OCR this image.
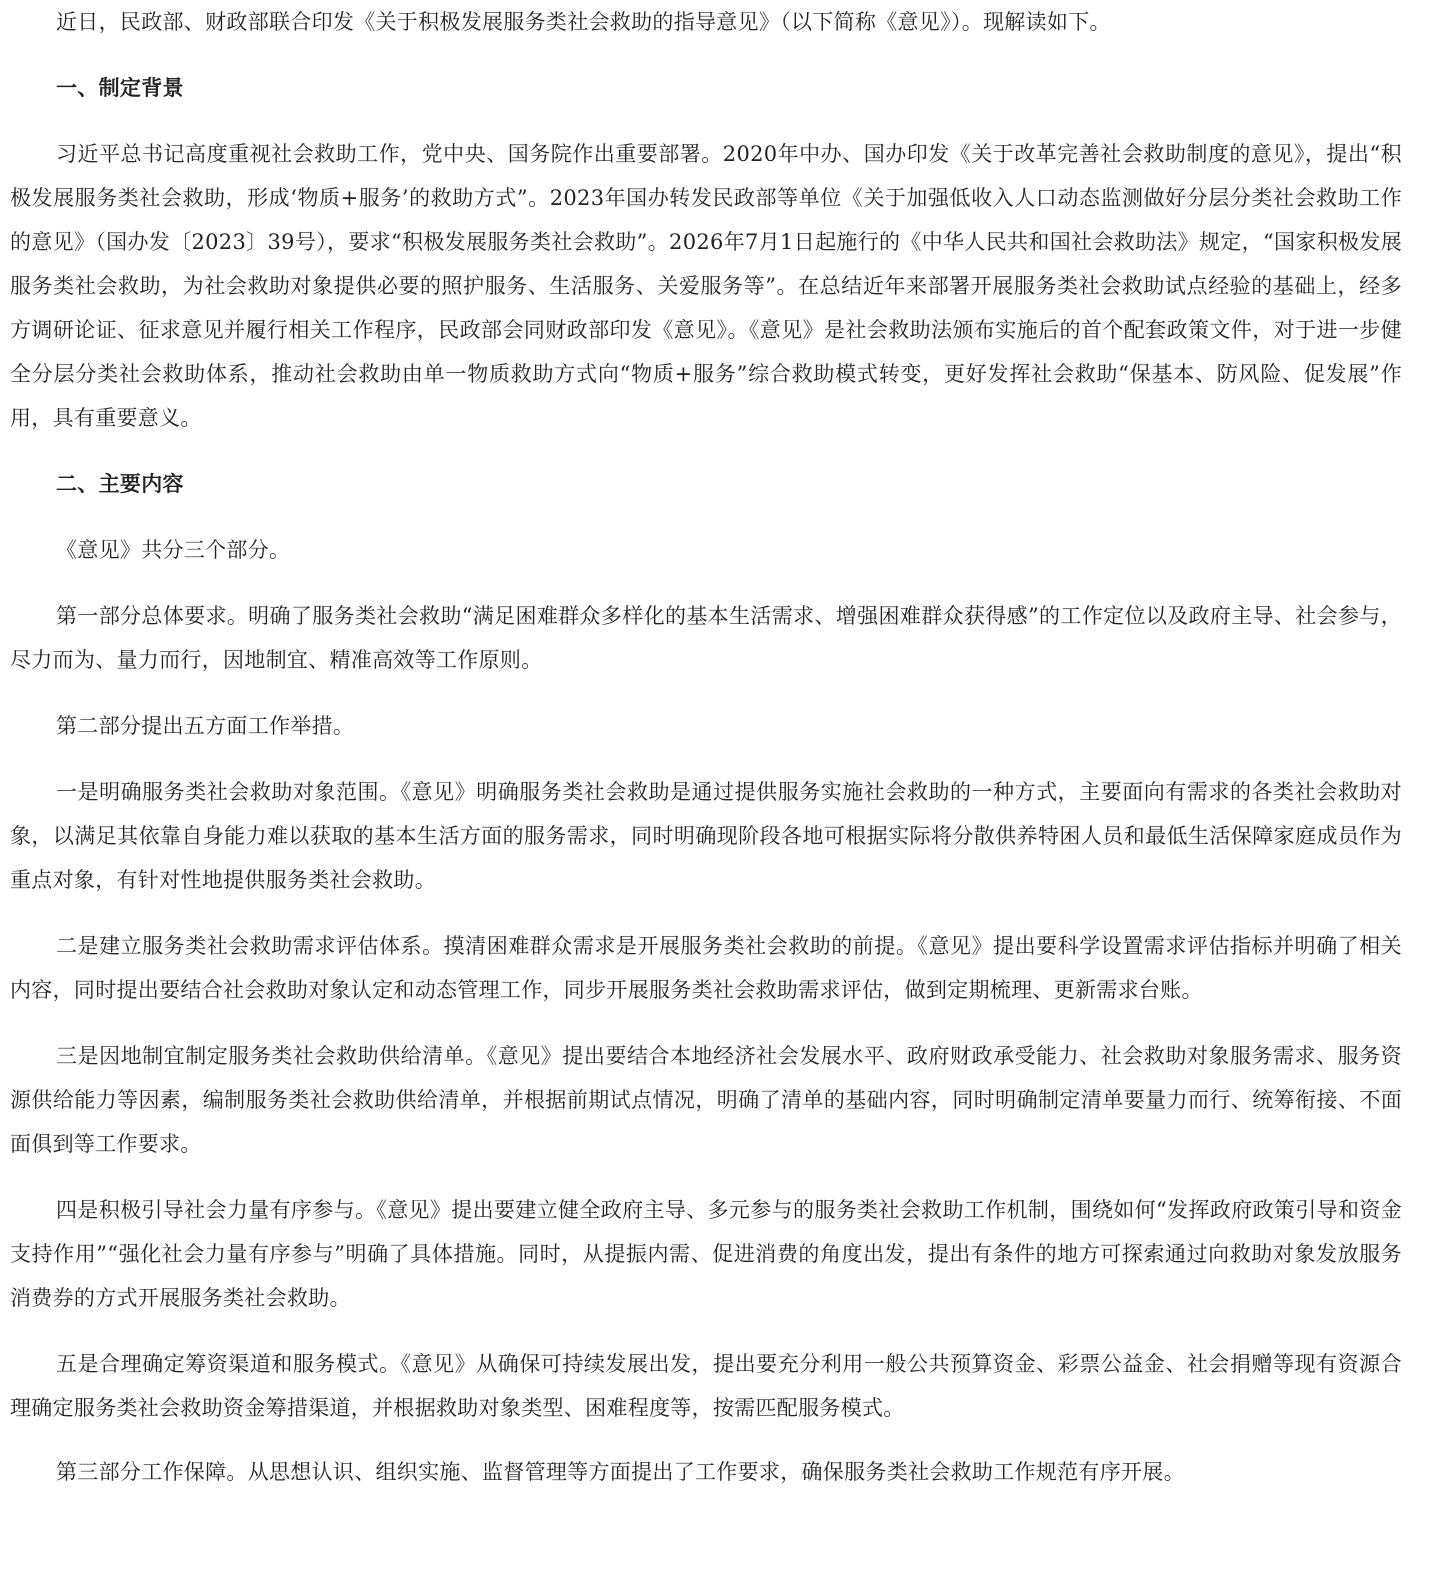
近日，民政部、财政部联合印发《关于积极发展服务类社会救助的指导意见》（以下简称《意见》）。现解读如下。

一、制定背景

习近平总书记高度重视社会救助工作，党中央、国务院作出重要部署。2020年中办、国办印发《关于改革完善社会救助制度的意见》，提出“积极发展服务类社会救助，形成‘物质+服务’的救助方式”。2023年国办转发民政部等单位《关于加强低收入人口动态监测做好分层分类社会救助工作的意见》（国办发〔2023〕39号），要求“积极发展服务类社会救助”。2026年7月1日起施行的《中华人民共和国社会救助法》规定，“国家积极发展服务类社会救助，为社会救助对象提供必要的照护服务、生活服务、关爱服务等”。在总结近年来部署开展服务类社会救助试点经验的基础上，经多方调研论证、征求意见并履行相关工作程序，民政部会同财政部印发《意见》。《意见》是社会救助法颁布实施后的首个配套政策文件，对于进一步健全分层分类社会救助体系，推动社会救助由单一物质救助方式向“物质+服务”综合救助模式转变，更好发挥社会救助“保基本、防风险、促发展”作用，具有重要意义。

二、主要内容

《意见》共分三个部分。

第一部分总体要求。明确了服务类社会救助“满足困难群众多样化的基本生活需求、增强困难群众获得感”的工作定位以及政府主导、社会参与，尽力而为、量力而行，因地制宜、精准高效等工作原则。

第二部分提出五方面工作举措。

一是明确服务类社会救助对象范围。《意见》明确服务类社会救助是通过提供服务实施社会救助的一种方式，主要面向有需求的各类社会救助对象，以满足其依靠自身能力难以获取的基本生活方面的服务需求，同时明确现阶段各地可根据实际将分散供养特困人员和最低生活保障家庭成员作为重点对象，有针对性地提供服务类社会救助。

二是建立服务类社会救助需求评估体系。摸清困难群众需求是开展服务类社会救助的前提。《意见》提出要科学设置需求评估指标并明确了相关内容，同时提出要结合社会救助对象认定和动态管理工作，同步开展服务类社会救助需求评估，做到定期梳理、更新需求台账。

三是因地制宜制定服务类社会救助供给清单。《意见》提出要结合本地经济社会发展水平、政府财政承受能力、社会救助对象服务需求、服务资源供给能力等因素，编制服务类社会救助供给清单，并根据前期试点情况，明确了清单的基础内容，同时明确制定清单要量力而行、统筹衔接、不面面俱到等工作要求。

四是积极引导社会力量有序参与。《意见》提出要建立健全政府主导、多元参与的服务类社会救助工作机制，围绕如何“发挥政府政策引导和资金支持作用”“强化社会力量有序参与”明确了具体措施。同时，从提振内需、促进消费的角度出发，提出有条件的地方可探索通过向救助对象发放服务消费券的方式开展服务类社会救助。

五是合理确定筹资渠道和服务模式。《意见》从确保可持续发展出发，提出要充分利用一般公共预算资金、彩票公益金、社会捐赠等现有资源合理确定服务类社会救助资金筹措渠道，并根据救助对象类型、困难程度等，按需匹配服务模式。

第三部分工作保障。从思想认识、组织实施、监督管理等方面提出了工作要求，确保服务类社会救助工作规范有序开展。
